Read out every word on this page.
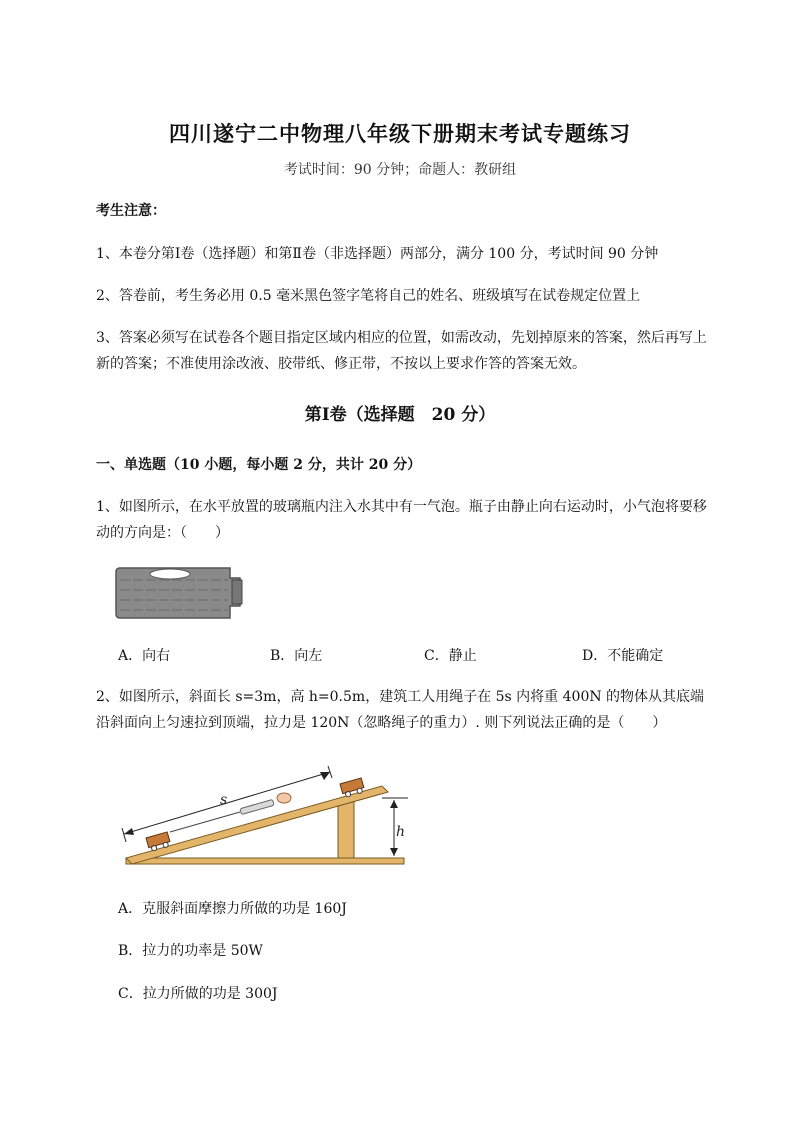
四川遂宁二中物理八年级下册期末考试专题练习
考试时间：90 分钟；命题人：教研组
考生注意：
1、本卷分第Ⅰ卷（选择题）和第Ⅱ卷（非选择题）两部分，满分 100 分，考试时间 90 分钟
2、答卷前，考生务必用 0.5 毫米黑色签字笔将自己的姓名、班级填写在试卷规定位置上
3、答案必须写在试卷各个题目指定区域内相应的位置，如需改动，先划掉原来的答案，然后再写上新的答案；不准使用涂改液、胶带纸、修正带，不按以上要求作答的答案无效。
第Ⅰ卷（选择题　20 分）
一、单选题（10 小题，每小题 2 分，共计 20 分）
1、如图所示，在水平放置的玻璃瓶内注入水其中有一气泡。瓶子由静止向右运动时，小气泡将要移动的方向是：（　　）
A．向右	B．向左	C．静止	D．不能确定
2、如图所示，斜面长 s=3m，高 h=0.5m，建筑工人用绳子在 5s 内将重 400N 的物体从其底端沿斜面向上匀速拉到顶端，拉力是 120N（忽略绳子的重力）. 则下列说法正确的是（　　）
s
h
A．克服斜面摩擦力所做的功是 160J
B．拉力的功率是 50W
C．拉力所做的功是 300J
